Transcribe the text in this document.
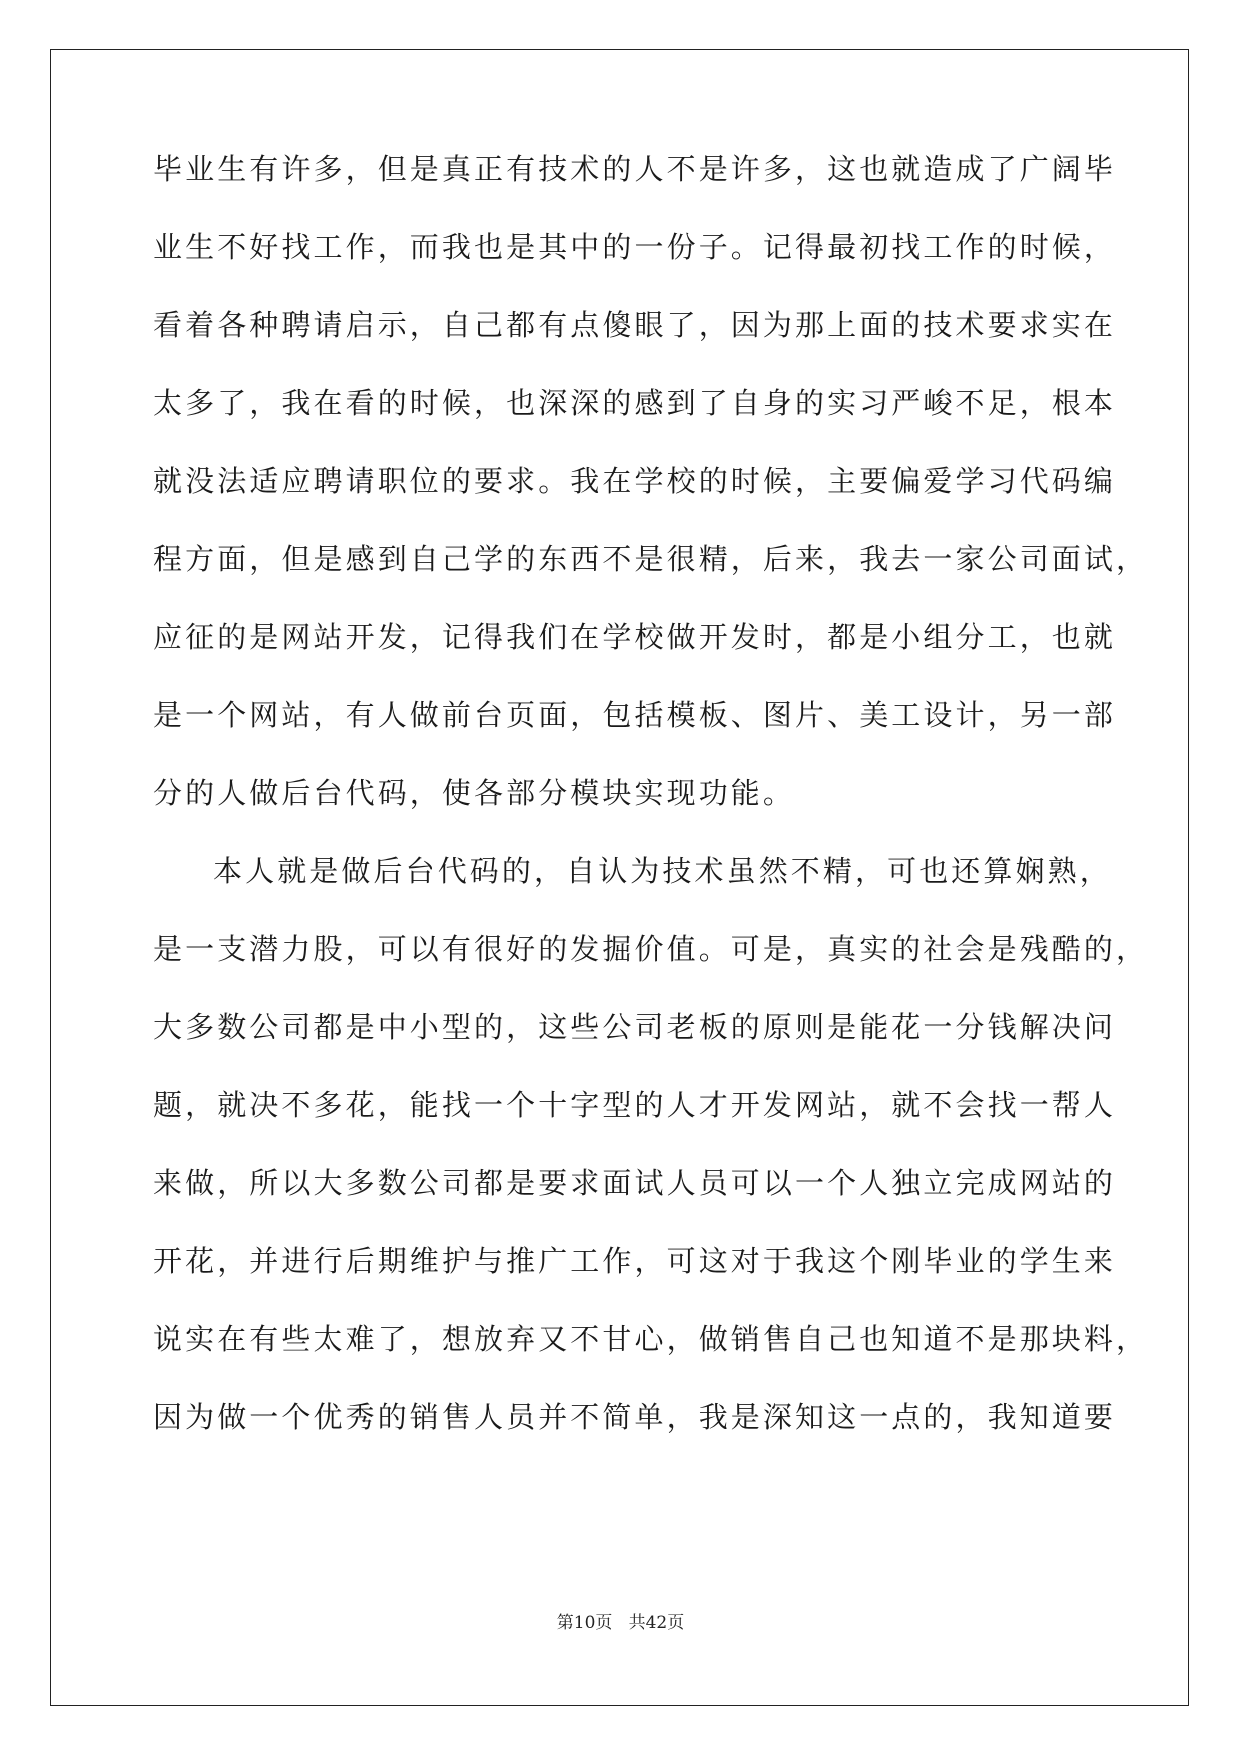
毕业生有许多，但是真正有技术的人不是许多，这也就造成了广阔毕
业生不好找工作，而我也是其中的一份子。记得最初找工作的时候，
看着各种聘请启示，自己都有点傻眼了，因为那上面的技术要求实在
太多了，我在看的时候，也深深的感到了自身的实习严峻不足，根本
就没法适应聘请职位的要求。我在学校的时候，主要偏爱学习代码编
程方面，但是感到自己学的东西不是很精，后来，我去一家公司面试，
应征的是网站开发，记得我们在学校做开发时，都是小组分工，也就
是一个网站，有人做前台页面，包括模板、图片、美工设计，另一部
分的人做后台代码，使各部分模块实现功能。
本人就是做后台代码的，自认为技术虽然不精，可也还算娴熟，
是一支潜力股，可以有很好的发掘价值。可是，真实的社会是残酷的，
大多数公司都是中小型的，这些公司老板的原则是能花一分钱解决问
题，就决不多花，能找一个十字型的人才开发网站，就不会找一帮人
来做，所以大多数公司都是要求面试人员可以一个人独立完成网站的
开花，并进行后期维护与推广工作，可这对于我这个刚毕业的学生来
说实在有些太难了，想放弃又不甘心，做销售自己也知道不是那块料，
因为做一个优秀的销售人员并不简单，我是深知这一点的，我知道要
第10页   共42页
